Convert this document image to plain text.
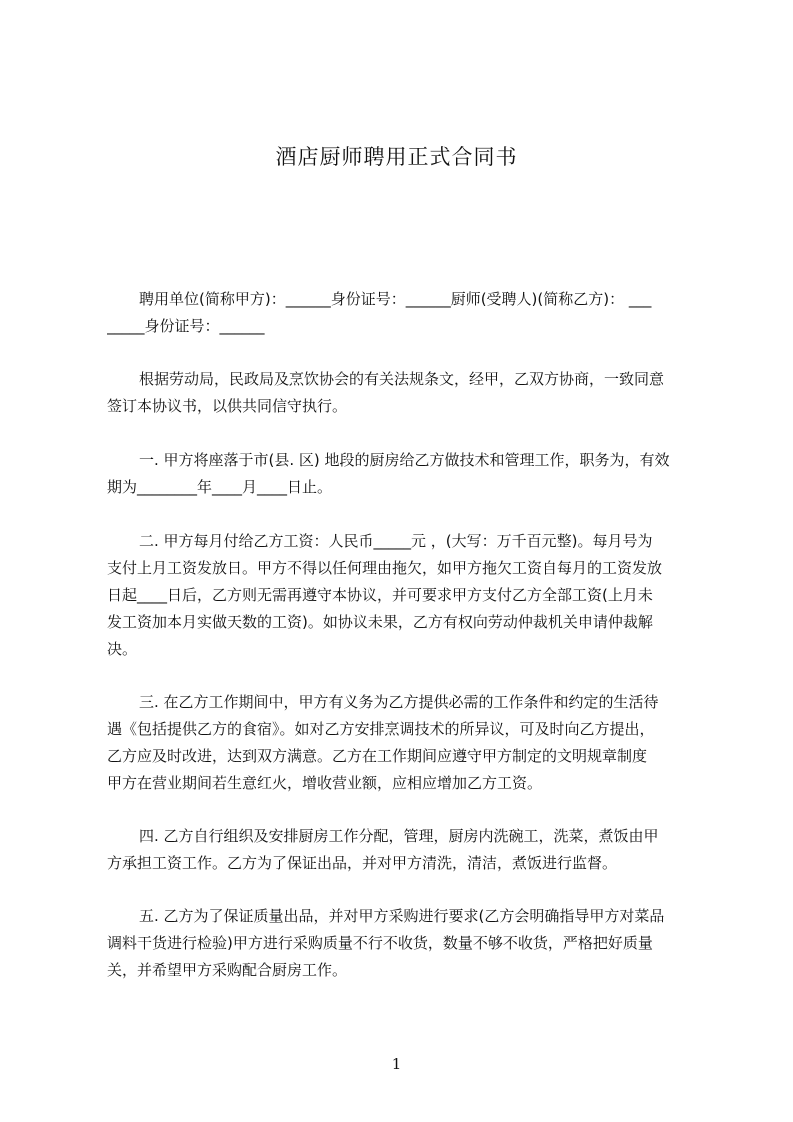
酒店厨师聘用正式合同书
聘用单位(简称甲方)：______身份证号：______厨师(受聘人)(简称乙方)： ___
_____身份证号：______
根据劳动局，民政局及烹饮协会的有关法规条文，经甲，乙双方协商，一致同意
签订本协议书，以供共同信守执行。
一. 甲方将座落于市(县. 区) 地段的厨房给乙方做技术和管理工作，职务为，有效
期为________年____月____日止。
二. 甲方每月付给乙方工资：人民币_____元 ，(大写：万千百元整)。每月号为
支付上月工资发放日。甲方不得以任何理由拖欠，如甲方拖欠工资自每月的工资发放
日起____日后，乙方则无需再遵守本协议，并可要求甲方支付乙方全部工资(上月未
发工资加本月实做天数的工资)。如协议未果，乙方有权向劳动仲裁机关申请仲裁解
决。
三. 在乙方工作期间中，甲方有义务为乙方提供必需的工作条件和约定的生活待
遇《包括提供乙方的食宿》。如对乙方安排烹调技术的所异议，可及时向乙方提出，
乙方应及时改进，达到双方满意。乙方在工作期间应遵守甲方制定的文明规章制度
甲方在营业期间若生意红火，增收营业额，应相应增加乙方工资。
四. 乙方自行组织及安排厨房工作分配，管理，厨房内洗碗工，洗菜，煮饭由甲
方承担工资工作。乙方为了保证出品，并对甲方清洗，清洁，煮饭进行监督。
五. 乙方为了保证质量出品，并对甲方采购进行要求(乙方会明确指导甲方对菜品
调料干货进行检验)甲方进行采购质量不行不收货，数量不够不收货，严格把好质量
关，并希望甲方采购配合厨房工作。
1
